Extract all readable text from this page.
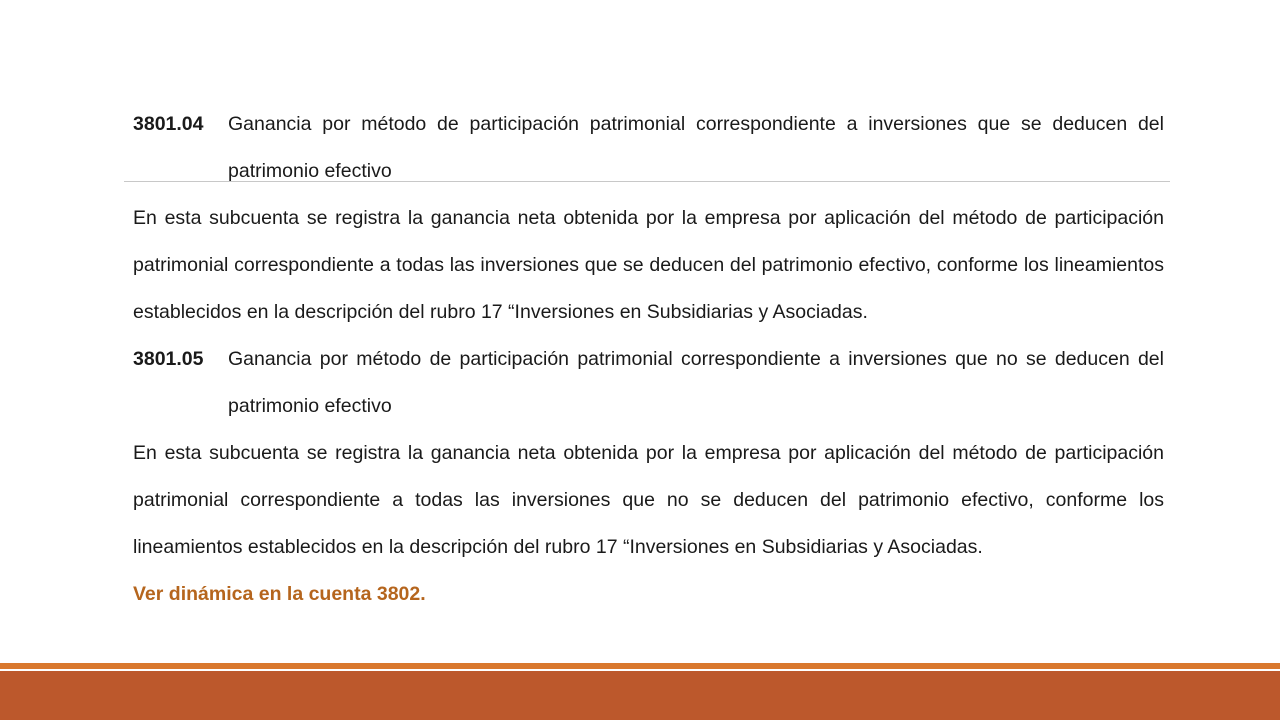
3801.04 Ganancia por método de participación patrimonial correspondiente a inversiones que se deducen del patrimonio efectivo
En esta subcuenta se registra la ganancia neta obtenida por la empresa por aplicación del método de participación patrimonial correspondiente a todas las inversiones que se deducen del patrimonio efectivo, conforme los lineamientos establecidos en la descripción del rubro 17 “Inversiones en Subsidiarias y Asociadas.
3801.05	Ganancia por método de participación patrimonial correspondiente a inversiones que no se deducen del patrimonio efectivo
En esta subcuenta se registra la ganancia neta obtenida por la empresa por aplicación del método de participación patrimonial correspondiente a todas las inversiones que no se deducen del patrimonio efectivo, conforme los lineamientos establecidos en la descripción del rubro 17 “Inversiones en Subsidiarias y Asociadas.
Ver dinámica en la cuenta 3802.
